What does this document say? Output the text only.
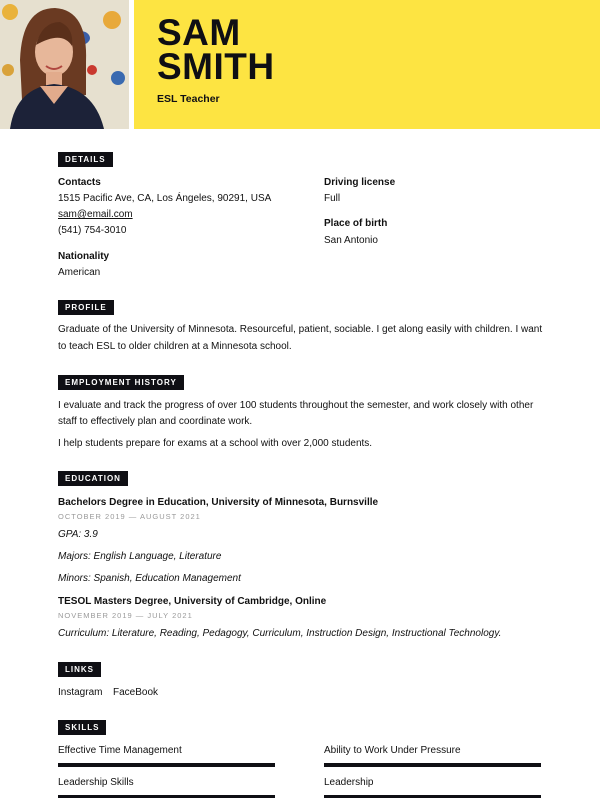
SAM
SMITH
ESL Teacher
DETAILS
Contacts
1515 Pacific Ave, CA, Los Ángeles, 90291, USA
sam@email.com
(541) 754-3010
Nationality
American
Driving license
Full
Place of birth
San Antonio
PROFILE
Graduate of the University of Minnesota. Resourceful, patient, sociable. I get along easily with children. I want
to teach ESL to older children at a Minnesota school.
EMPLOYMENT HISTORY
I evaluate and track the progress of over 100 students throughout the semester, and work closely with other
staff to effectively plan and coordinate work.
I help students prepare for exams at a school with over 2,000 students.
EDUCATION
Bachelors Degree in Education, University of Minnesota, Burnsville
OCTOBER 2019 — AUGUST 2021
GPA: 3.9
Majors: English Language, Literature
Minors: Spanish, Education Management
TESOL Masters Degree, University of Cambridge, Online
NOVEMBER 2019 — JULY 2021
Curriculum: Literature, Reading, Pedagogy, Curriculum, Instruction Design, Instructional Technology.
LINKS
Instagram FaceBook
SKILLS
Effective Time Management	Ability to Work Under Pressure
Leadership Skills	Leadership
